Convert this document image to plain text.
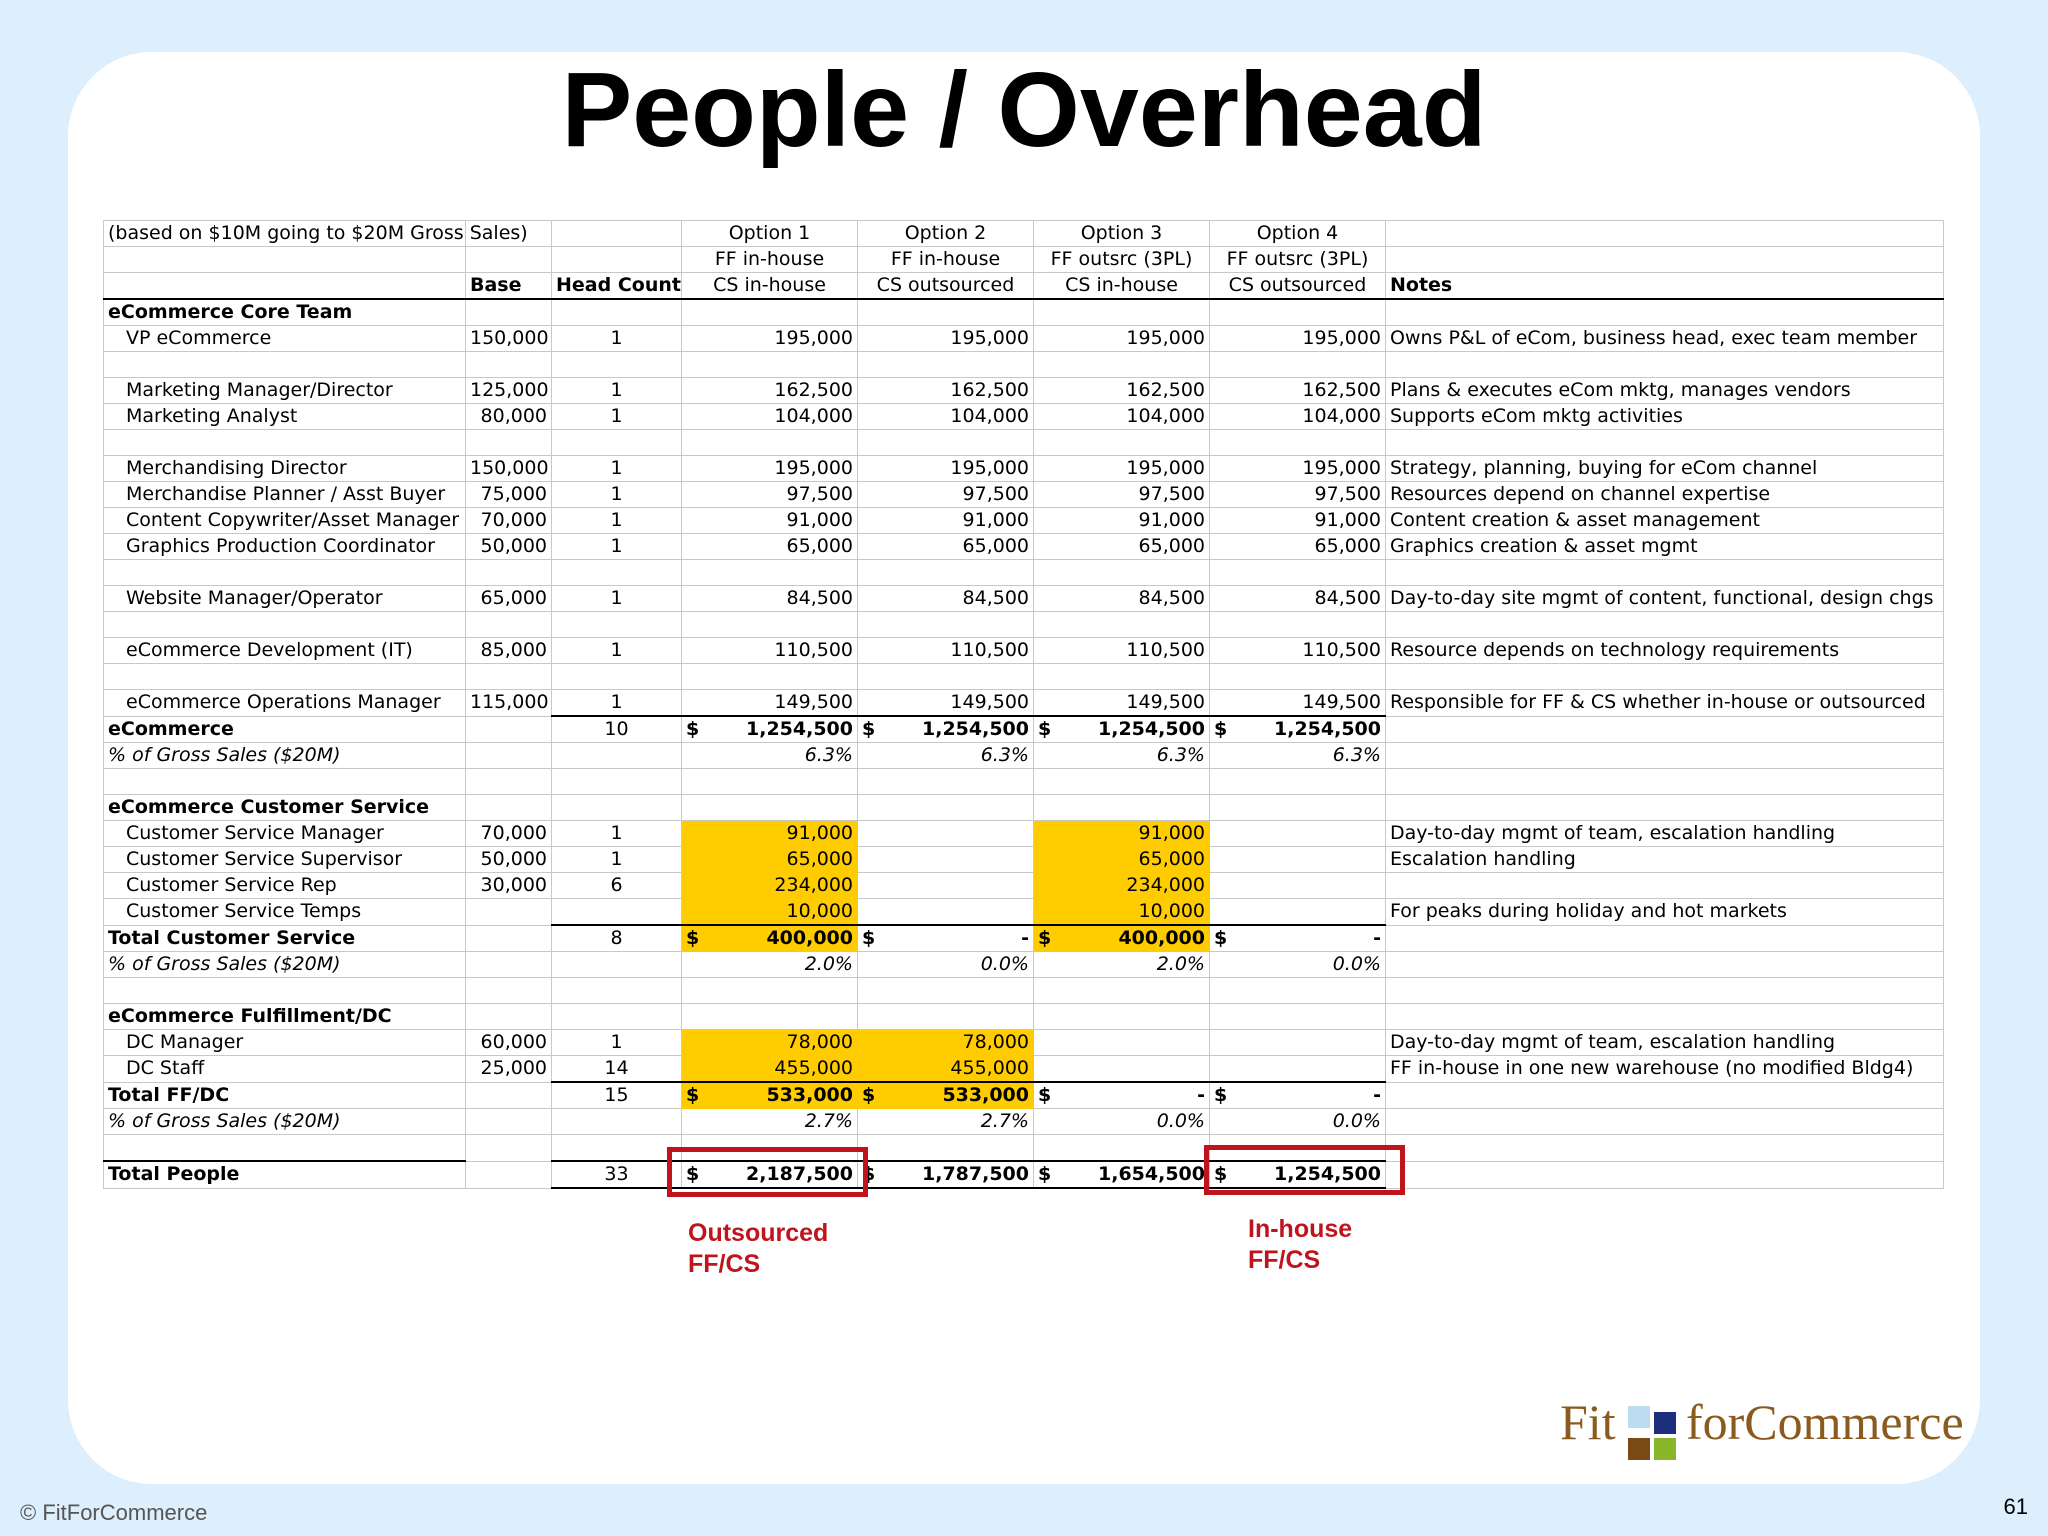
People / Overhead
(based on $10M going to $20M Gross Sales)			Option 1	Option 2	Option 3	Option 4	
			FF in-house	FF in-house	FF outsrc (3PL)	FF outsrc (3PL)	
	Base	Head Count	CS in-house	CS outsourced	CS in-house	CS outsourced	Notes
eCommerce Core Team							
VP eCommerce	150,000	1	195,000	195,000	195,000	195,000	Owns P&L of eCom, business head, exec team member

Marketing Manager/Director	125,000	1	162,500	162,500	162,500	162,500	Plans & executes eCom mktg, manages vendors
Marketing Analyst	80,000	1	104,000	104,000	104,000	104,000	Supports eCom mktg activities

Merchandising Director	150,000	1	195,000	195,000	195,000	195,000	Strategy, planning, buying for eCom channel
Merchandise Planner / Asst Buyer	75,000	1	97,500	97,500	97,500	97,500	Resources depend on channel expertise
Content Copywriter/Asset Manager	70,000	1	91,000	91,000	91,000	91,000	Content creation & asset management
Graphics Production Coordinator	50,000	1	65,000	65,000	65,000	65,000	Graphics creation & asset mgmt

Website Manager/Operator	65,000	1	84,500	84,500	84,500	84,500	Day-to-day site mgmt of content, functional, design chgs

eCommerce Development (IT)	85,000	1	110,500	110,500	110,500	110,500	Resource depends on technology requirements

eCommerce Operations Manager	115,000	1	149,500	149,500	149,500	149,500	Responsible for FF & CS whether in-house or outsourced
eCommerce		10	$ 1,254,500	$ 1,254,500	$ 1,254,500	$ 1,254,500	

% of Gross Sales ($20M)			6.3%	6.3%	6.3%	6.3%	

eCommerce Customer Service							
Customer Service Manager	70,000	1	91,000		91,000		Day-to-day mgmt of team, escalation handling
Customer Service Supervisor	50,000	1	65,000		65,000		Escalation handling
Customer Service Rep	30,000	6	234,000		234,000		
Customer Service Temps			10,000		10,000		For peaks during holiday and hot markets
Total Customer Service		8	$ 400,000	$ -	$ 400,000	$ -	

% of Gross Sales ($20M)			2.0%	0.0%	2.0%	0.0%	

eCommerce Fulfillment/DC							
DC Manager	60,000	1	78,000	78,000			Day-to-day mgmt of team, escalation handling
DC Staff	25,000	14	455,000	455,000			FF in-house in one new warehouse (no modified Bldg4)
Total FF/DC		15	$ 533,000	$ 533,000	$ -	$ -	

% of Gross Sales ($20M)			2.7%	2.7%	0.0%	0.0%	

Total People		33	$ 2,187,500	$ 1,787,500	$ 1,654,500	$ 1,254,500	

Outsourced
FF/CS
In-house
FF/CS
Fit forCommerce
© FitForCommerce	61
